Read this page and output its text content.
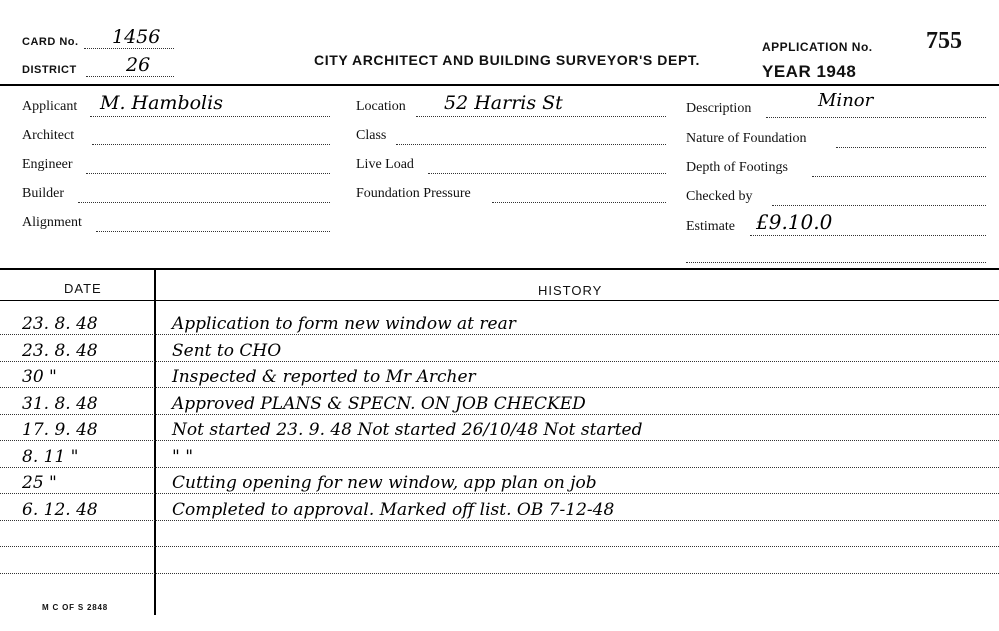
CARD No. 1456
DISTRICT	26	CITY ARCHITECT AND BUILDING SURVEYOR'S DEPT.
APPLICATION No. 755
YEAR 1948
Applicant M. Hambolis
Architect
Engineer
Builder
Alignment
Location 52 Harris St
Class
Live Load
Foundation Pressure
Description	Minor
Nature of Foundation
Depth of Footings
Checked by
Estimate £9.10.0
DATE	HISTORY
23. 8. 48	Application to form new window at rear
23. 8. 48	Sent to CHO
30 "	Inspected & reported to Mr Archer
31. 8. 48	Approved PLANS & SPECN. ON JOB CHECKED
17. 9. 48	Not started 23. 9. 48 Not started 26/10/48 Not started
8. 11 "	" "
25 "	Cutting opening for new window, app plan on job
6. 12. 48	Completed to approval. Marked off list. OB 7-12-48
M C OF S 2848
